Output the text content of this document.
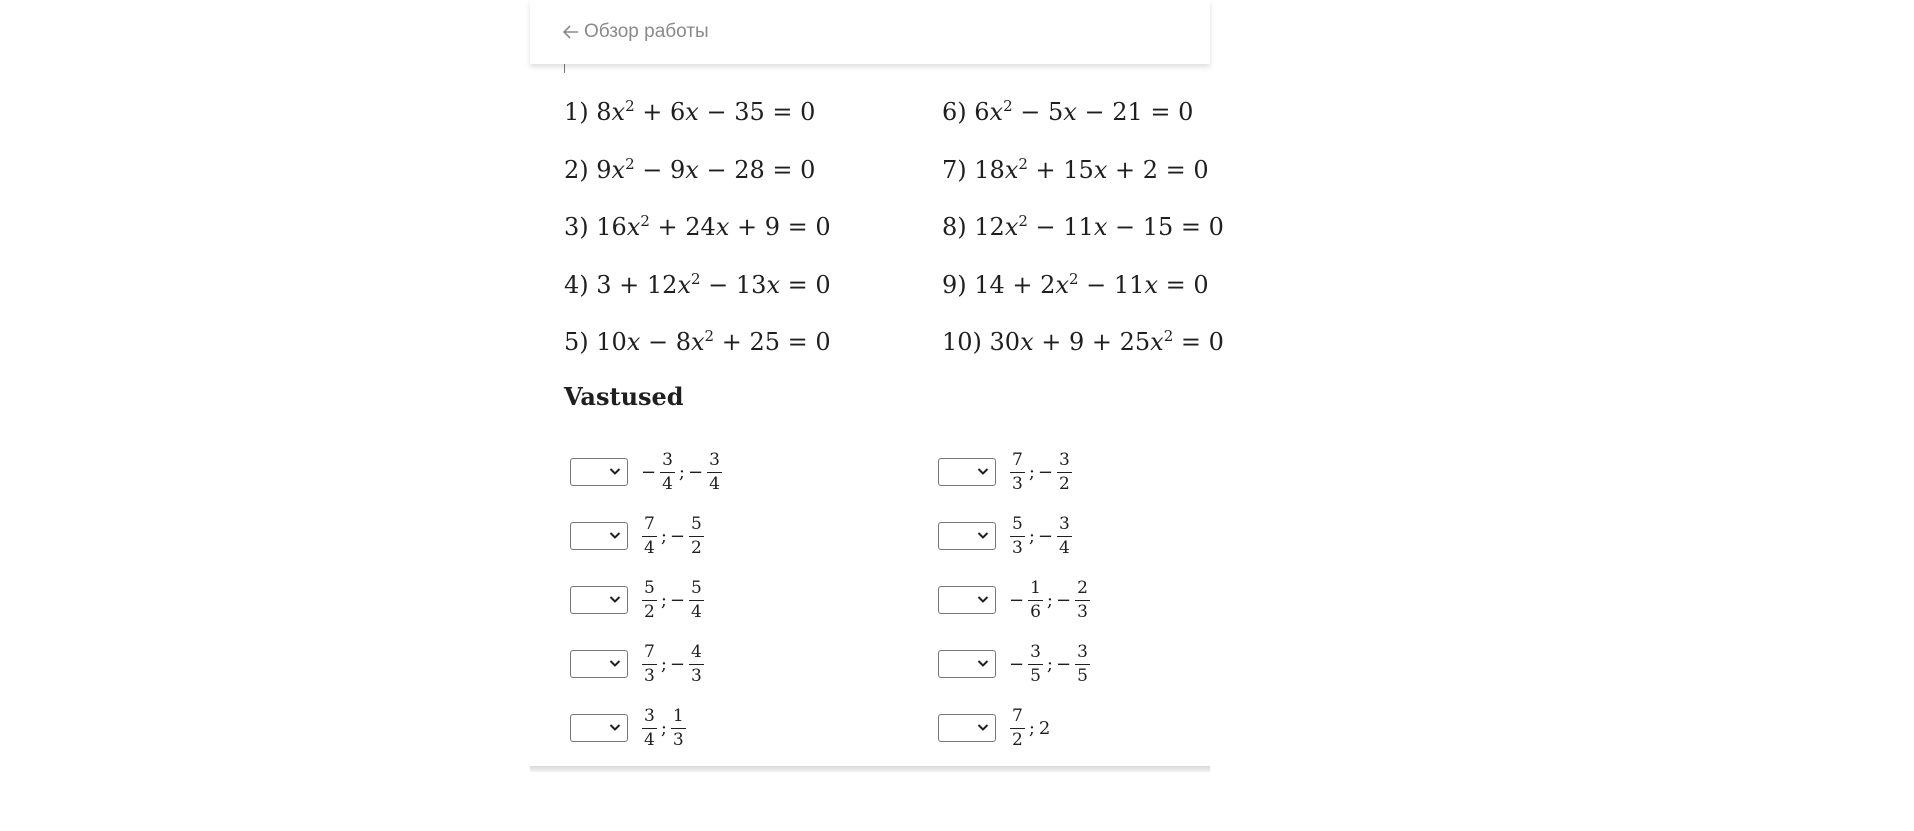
Обзор работы
1) $8x^2 + 6x - 35 = 0$
2) $9x^2 - 9x - 28 = 0$
3) $16x^2 + 24x + 9 = 0$
4) $3 + 12x^2 - 13x = 0$
5) $10x - 8x^2 + 25 = 0$
6) $6x^2 - 5x - 21 = 0$
7) $18x^2 + 15x + 2 = 0$
8) $12x^2 - 11x - 15 = 0$
9) $14 + 2x^2 - 11x = 0$
10) $30x + 9 + 25x^2 = 0$
Vastused
− $\frac{3}{4}$ ; − $\frac{3}{4}$
$\frac{7}{4}$ ; − $\frac{5}{2}$
$\frac{5}{2}$ ; − $\frac{5}{4}$
$\frac{7}{3}$ ; − $\frac{4}{3}$
$\frac{3}{4}$ ; $\frac{1}{3}$
$\frac{7}{3}$ ; − $\frac{3}{2}$
$\frac{5}{3}$ ; − $\frac{3}{4}$
− $\frac{1}{6}$ ; − $\frac{2}{3}$
− $\frac{3}{5}$ ; − $\frac{3}{5}$
$\frac{7}{2}$ ; 2
